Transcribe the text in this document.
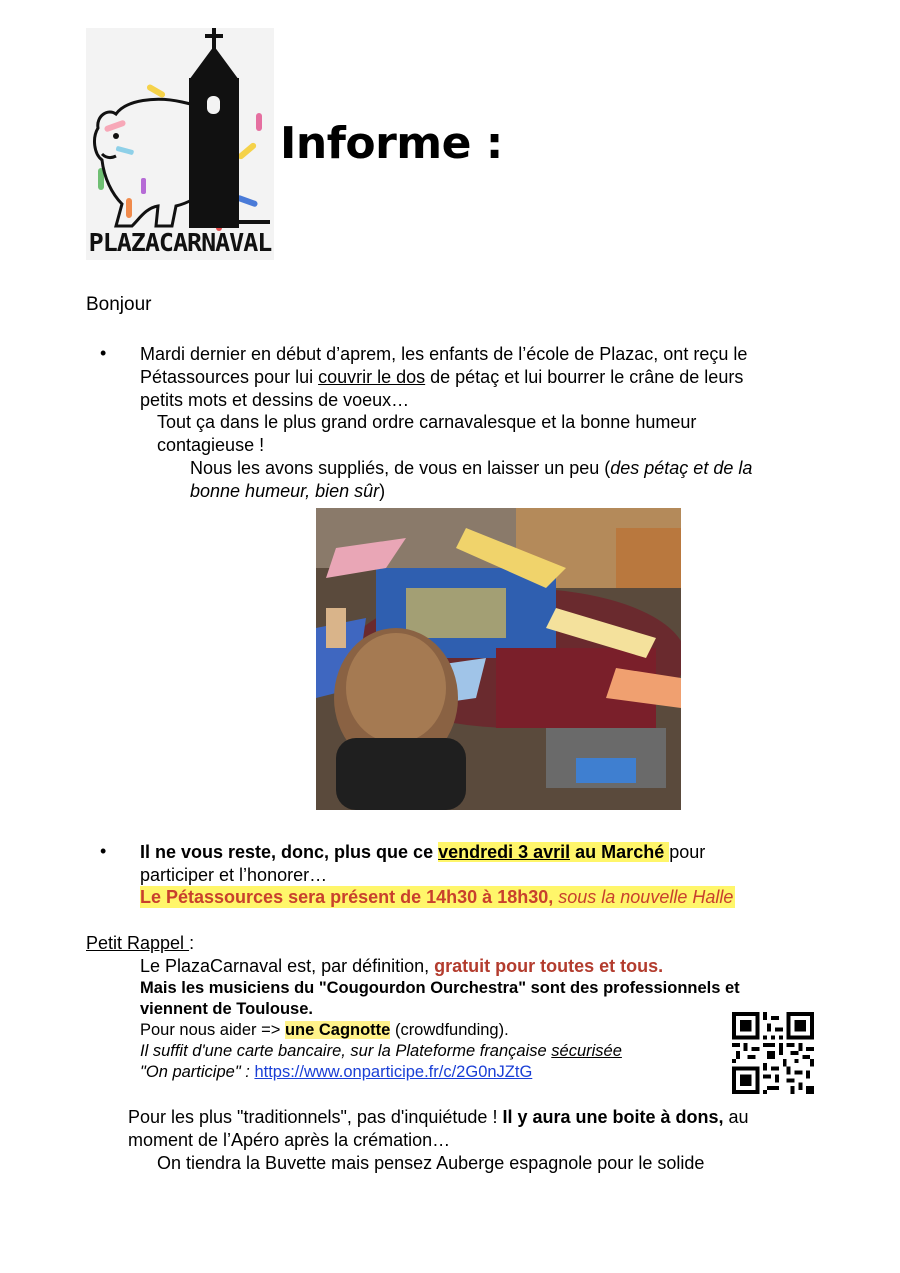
PLAZACARNAVAL
Informe :
Bonjour
• Mardi dernier en début d’aprem, les enfants de l’école de Plazac, ont reçu le
Pétassources pour lui couvrir le dos de pétaç et lui bourrer le crâne de leurs
petits mots et dessins de voeux…
Tout ça dans le plus grand ordre carnavalesque et la bonne humeur
contagieuse !
Nous les avons suppliés, de vous en laisser un peu (des pétaç et de la
bonne humeur, bien sûr)
• Il ne vous reste, donc, plus que ce vendredi 3 avril au Marché pour
participer et l’honorer…
Le Pétassources sera présent de 14h30 à 18h30, sous la nouvelle Halle
Petit Rappel :
Le PlazaCarnaval est, par définition, gratuit pour toutes et tous.
Mais les musiciens du "Cougourdon Ourchestra" sont des professionnels et
viennent de Toulouse.
Pour nous aider => une Cagnotte (crowdfunding).
Il suffit d'une carte bancaire, sur la Plateforme française sécurisée
"On participe" : https://www.onparticipe.fr/c/2G0nJZtG
Pour les plus "traditionnels", pas d'inquiétude ! Il y aura une boite à dons, au
moment de l’Apéro après la crémation…
On tiendra la Buvette mais pensez Auberge espagnole pour le solide
